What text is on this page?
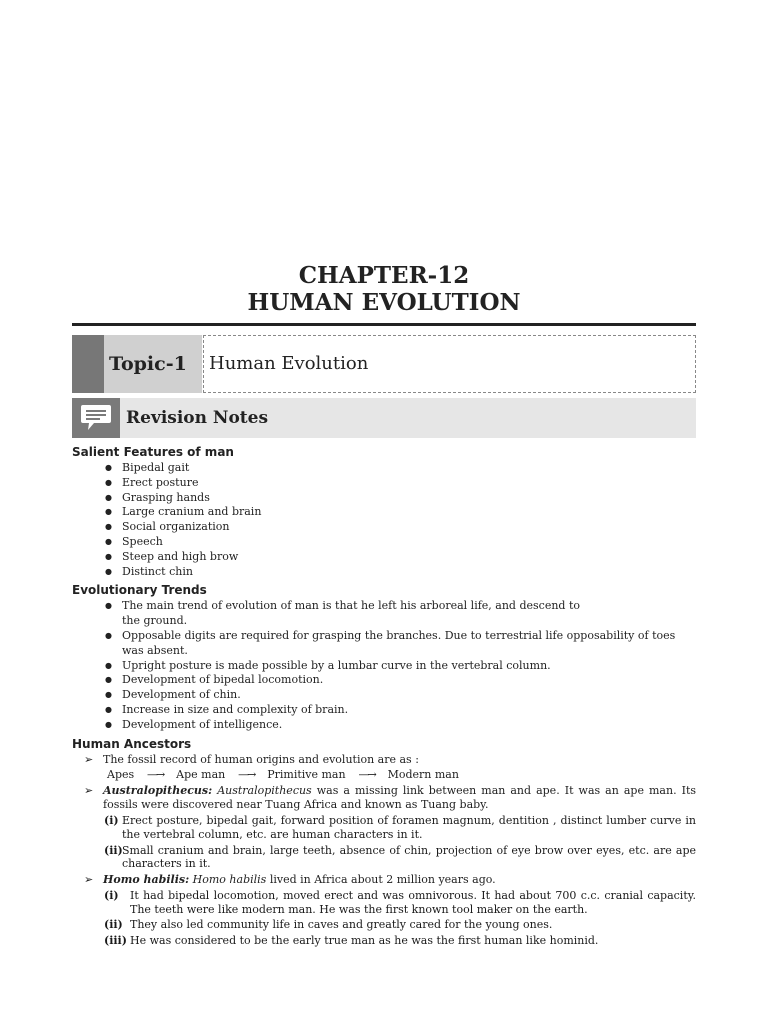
CHAPTER-12
HUMAN EVOLUTION
Topic-1	Human Evolution
Revision Notes
Salient Features of man
● Bipedal gait
● Erect posture
● Grasping hands
● Large cranium and brain
● Social organization
● Speech
● Steep and high brow
● Distinct chin
Evolutionary Trends
● The main trend of evolution of man is that he left his arboreal life, and descend to the ground.
● Opposable digits are required for grasping the branches. Due to terrestrial life opposability of toes was absent.
● Upright posture is made possible by a lumbar curve in the vertebral column.
● Development of bipedal locomotion.
● Development of chin.
● Increase in size and complexity of brain.
● Development of intelligence.
Human Ancestors
➢ The fossil record of human origins and evolution are as :
Apes —→ Ape man —→ Primitive man —→ Modern man
➢ Australopithecus: Australopithecus was a missing link between man and ape. It was an ape man. Its fossils were discovered near Tuang Africa and known as Tuang baby.
(i) Erect posture, bipedal gait, forward position of foramen magnum, dentition , distinct lumber curve in the vertebral column, etc. are human characters in it.
(ii) Small cranium and brain, large teeth, absence of chin, projection of eye brow over eyes, etc. are ape characters in it.
➢ Homo habilis: Homo habilis lived in Africa about 2 million years ago.
(i) It had bipedal locomotion, moved erect and was omnivorous. It had about 700 c.c. cranial capacity. The teeth were like modern man. He was the first known tool maker on the earth.
(ii) They also led community life in caves and greatly cared for the young ones.
(iii) He was considered to be the early true man as he was the first human like hominid.
